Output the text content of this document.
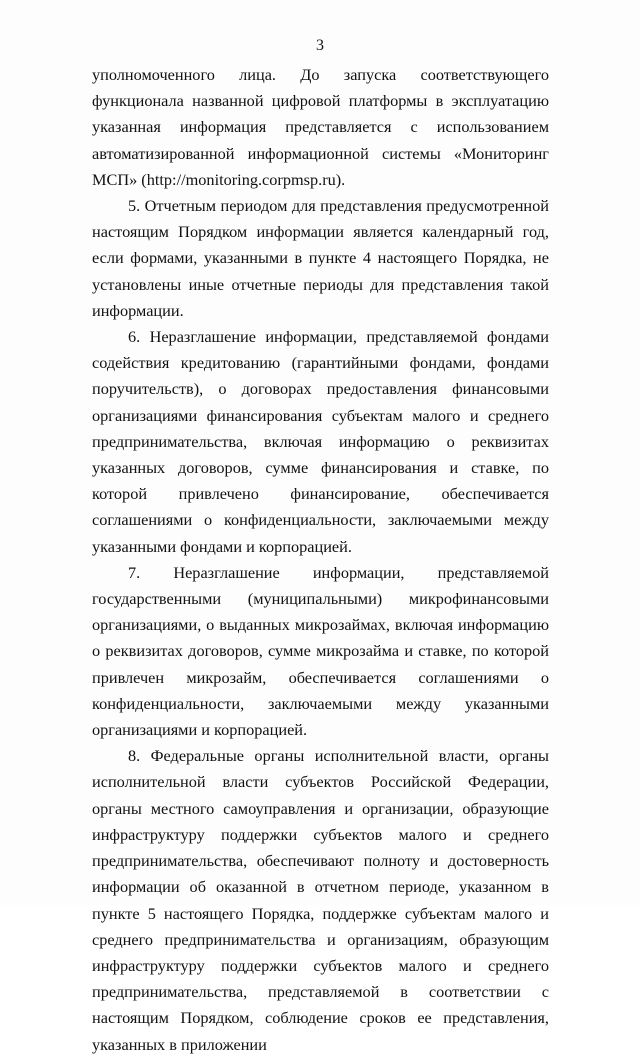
3

уполномоченного лица. До запуска соответствующего функционала названной цифровой платформы в эксплуатацию указанная информация представляется с использованием автоматизированной информационной системы «Мониторинг МСП» (http://monitoring.corpmsp.ru).

5. Отчетным периодом для представления предусмотренной настоящим Порядком информации является календарный год, если формами, указанными в пункте 4 настоящего Порядка, не установлены иные отчетные периоды для представления такой информации.

6. Неразглашение информации, представляемой фондами содействия кредитованию (гарантийными фондами, фондами поручительств), о договорах предоставления финансовыми организациями финансирования субъектам малого и среднего предпринимательства, включая информацию о реквизитах указанных договоров, сумме финансирования и ставке, по которой привлечено финансирование, обеспечивается соглашениями о конфиденциальности, заключаемыми между указанными фондами и корпорацией.

7. Неразглашение информации, представляемой государственными (муниципальными) микрофинансовыми организациями, о выданных микрозаймах, включая информацию о реквизитах договоров, сумме микрозайма и ставке, по которой привлечен микрозайм, обеспечивается соглашениями о конфиденциальности, заключаемыми между указанными организациями и корпорацией.

8. Федеральные органы исполнительной власти, органы исполнительной власти субъектов Российской Федерации, органы местного самоуправления и организации, образующие инфраструктуру поддержки субъектов малого и среднего предпринимательства, обеспечивают полноту и достоверность информации об оказанной в отчетном периоде, указанном в пункте 5 настоящего Порядка, поддержке субъектам малого и среднего предпринимательства и организациям, образующим инфраструктуру поддержки субъектов малого и среднего предпринимательства, представляемой в соответствии с настоящим Порядком, соблюдение сроков ее представления, указанных в приложении
